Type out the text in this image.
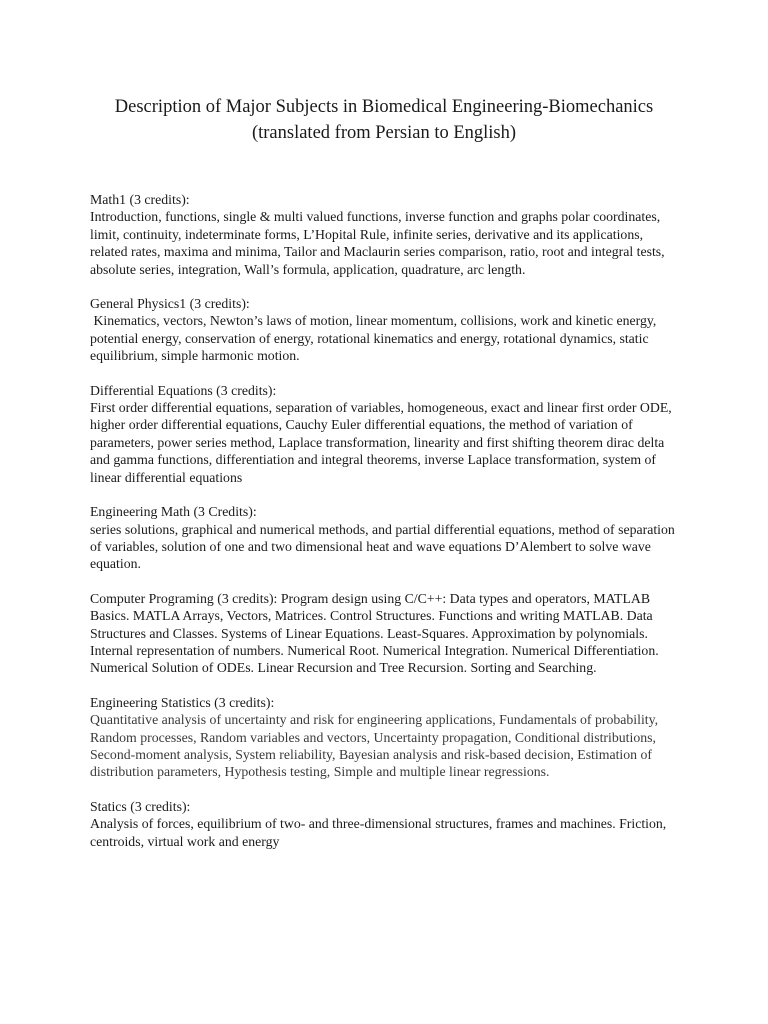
Description of Major Subjects in Biomedical Engineering-Biomechanics
(translated from Persian to English)

Math1 (3 credits):

Introduction, functions, single & multi valued functions, inverse function and graphs polar coordinates, limit, continuity, indeterminate forms, L’Hopital Rule, infinite series, derivative and its applications, related rates, maxima and minima, Tailor and Maclaurin series comparison, ratio, root and integral tests, absolute series, integration, Wall’s formula, application, quadrature, arc length.

General Physics1 (3 credits):

Kinematics, vectors, Newton’s laws of motion, linear momentum, collisions, work and kinetic energy, potential energy, conservation of energy, rotational kinematics and energy, rotational dynamics, static equilibrium, simple harmonic motion.

Differential Equations (3 credits):

First order differential equations, separation of variables, homogeneous, exact and linear first order ODE, higher order differential equations, Cauchy Euler differential equations, the method of variation of parameters, power series method, Laplace transformation, linearity and first shifting theorem dirac delta and gamma functions, differentiation and integral theorems, inverse Laplace transformation, system of linear differential equations

Engineering Math (3 Credits):

series solutions, graphical and numerical methods, and partial differential equations, method of separation of variables, solution of one and two dimensional heat and wave equations D’Alembert to solve wave equation.

Computer Programing (3 credits): Program design using C/C++: Data types and operators, MATLAB Basics. MATLA Arrays, Vectors, Matrices. Control Structures. Functions and writing MATLAB. Data Structures and Classes. Systems of Linear Equations. Least-Squares. Approximation by polynomials. Internal representation of numbers. Numerical Root. Numerical Integration. Numerical Differentiation. Numerical Solution of ODEs. Linear Recursion and Tree Recursion. Sorting and Searching.

Engineering Statistics (3 credits):

Quantitative analysis of uncertainty and risk for engineering applications, Fundamentals of probability, Random processes, Random variables and vectors, Uncertainty propagation, Conditional distributions, Second-moment analysis, System reliability, Bayesian analysis and risk-based decision, Estimation of distribution parameters, Hypothesis testing, Simple and multiple linear regressions.

Statics (3 credits):

Analysis of forces, equilibrium of two- and three-dimensional structures, frames and machines. Friction, centroids, virtual work and energy
